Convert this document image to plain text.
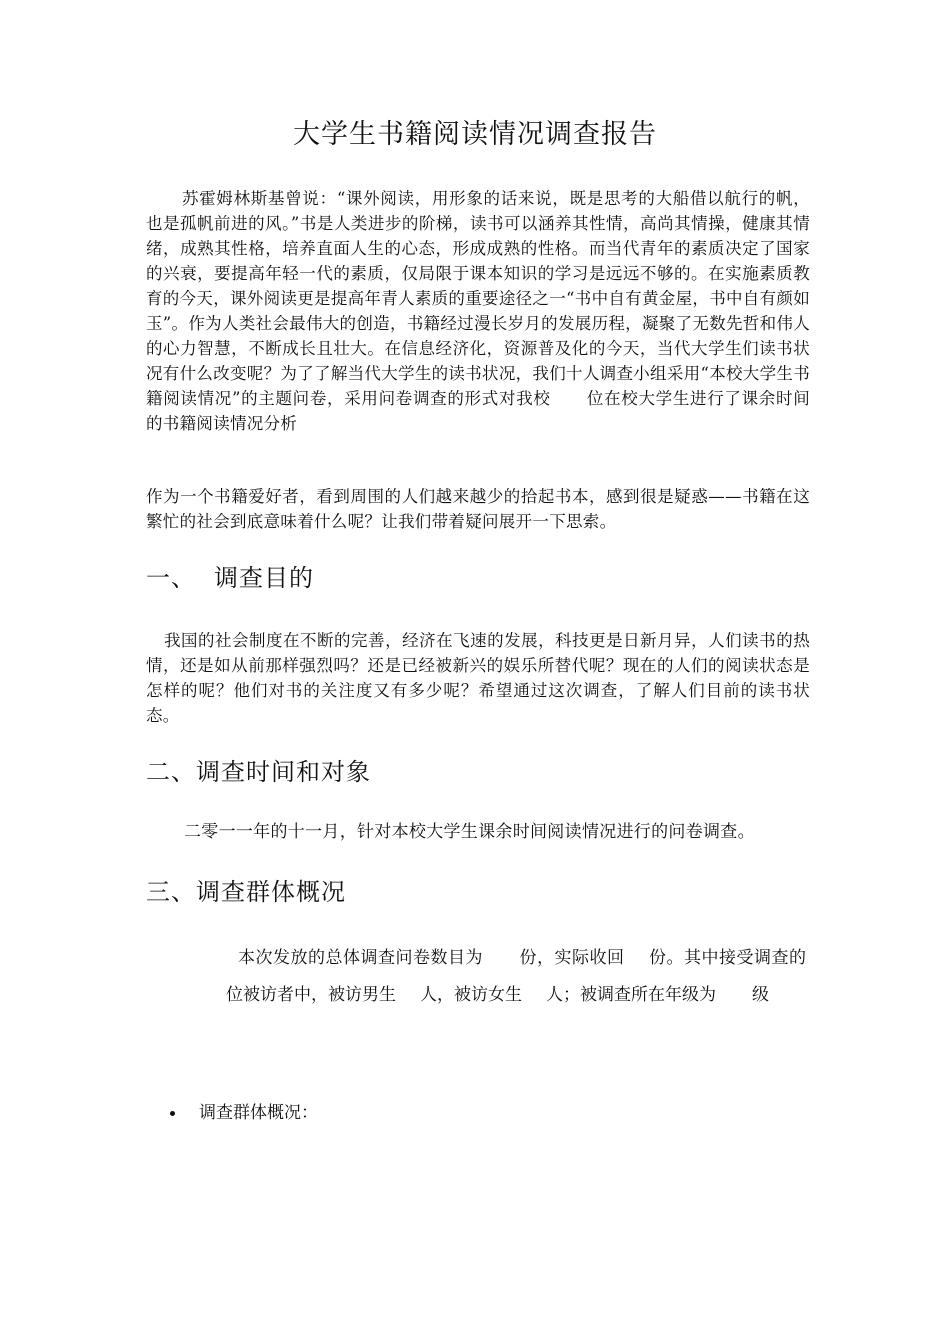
大学生书籍阅读情况调查报告
苏霍姆林斯基曾说：“课外阅读，用形象的话来说，既是思考的大船借以航行的帆，也是孤帆前进的风。”书是人类进步的阶梯，读书可以涵养其性情，高尚其情操，健康其情绪，成熟其性格，培养直面人生的心态，形成成熟的性格。而当代青年的素质决定了国家的兴衰，要提高年轻一代的素质，仅局限于课本知识的学习是远远不够的。在实施素质教育的今天，课外阅读更是提高年青人素质的重要途径之一“书中自有黄金屋，书中自有颜如玉”。作为人类社会最伟大的创造，书籍经过漫长岁月的发展历程，凝聚了无数先哲和伟人的心力智慧，不断成长且壮大。在信息经济化，资源普及化的今天，当代大学生们读书状况有什么改变呢？为了了解当代大学生的读书状况，我们十人调查小组采用“本校大学生书籍阅读情况”的主题问卷，采用问卷调查的形式对我校 位在校大学生进行了课余时间的书籍阅读情况分析
作为一个书籍爱好者，看到周围的人们越来越少的拾起书本，感到很是疑惑——书籍在这繁忙的社会到底意味着什么呢？让我们带着疑问展开一下思索。
一、 调查目的
我国的社会制度在不断的完善，经济在飞速的发展，科技更是日新月异，人们读书的热情，还是如从前那样强烈吗？还是已经被新兴的娱乐所替代呢？现在的人们的阅读状态是怎样的呢？他们对书的关注度又有多少呢？希望通过这次调查，了解人们目前的读书状态。
二、调查时间和对象
二零一一年的十一月，针对本校大学生课余时间阅读情况进行的问卷调查。
三、调查群体概况
本次发放的总体调查问卷数目为 份，实际收回 份。其中接受调查的位被访者中，被访男生 人，被访女生 人；被调查所在年级为 级
调查群体概况：
